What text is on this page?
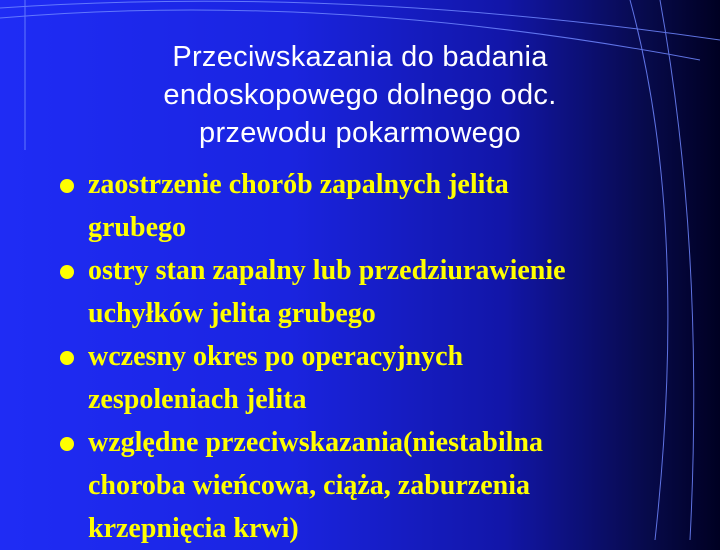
Przeciwskazania do badania
endoskopowego dolnego odc.
przewodu pokarmowego
zaostrzenie chorób zapalnych jelita
grubego
ostry stan zapalny lub przedziurawienie
uchyłków jelita grubego
wczesny okres po operacyjnych
zespoleniach jelita
względne przeciwskazania(niestabilna
choroba wieńcowa, ciąża, zaburzenia
krzepnięcia krwi)
